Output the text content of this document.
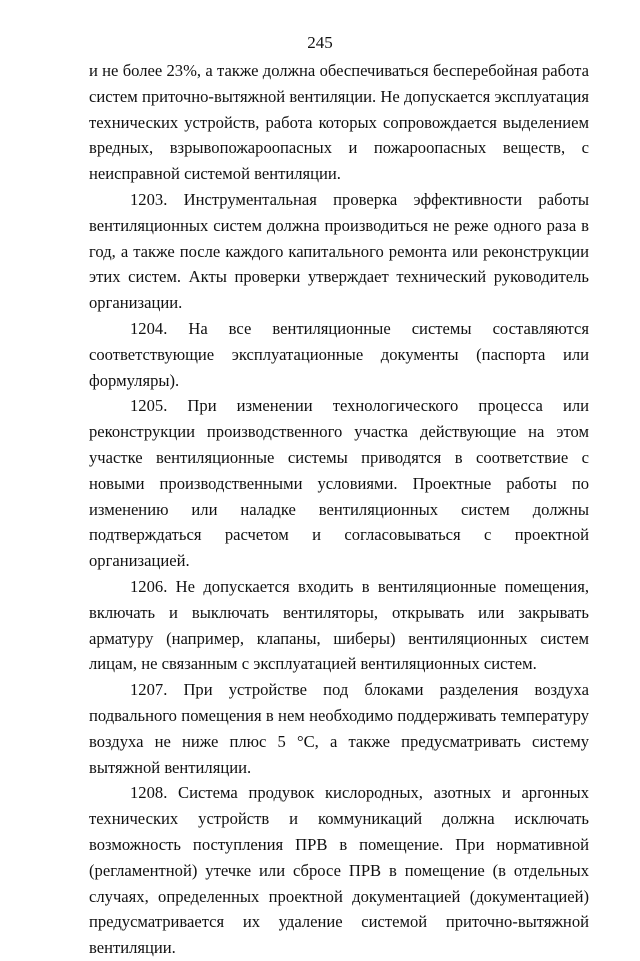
245

и не более 23%, а также должна обеспечиваться бесперебойная работа систем приточно-вытяжной вентиляции. Не допускается эксплуатация технических устройств, работа которых сопровождается выделением вредных, взрывопожароопасных и пожароопасных веществ, с неисправной системой вентиляции.

1203. Инструментальная проверка эффективности работы вентиляционных систем должна производиться не реже одного раза в год, а также после каждого капитального ремонта или реконструкции этих систем. Акты проверки утверждает технический руководитель организации.

1204. На все вентиляционные системы составляются соответствующие эксплуатационные документы (паспорта или формуляры).

1205. При изменении технологического процесса или реконструкции производственного участка действующие на этом участке вентиляционные системы приводятся в соответствие с новыми производственными условиями. Проектные работы по изменению или наладке вентиляционных систем должны подтверждаться расчетом и согласовываться с проектной организацией.

1206. Не допускается входить в вентиляционные помещения, включать и выключать вентиляторы, открывать или закрывать арматуру (например, клапаны, шиберы) вентиляционных систем лицам, не связанным с эксплуатацией вентиляционных систем.

1207. При устройстве под блоками разделения воздуха подвального помещения в нем необходимо поддерживать температуру воздуха не ниже плюс 5 °С, а также предусматривать систему вытяжной вентиляции.

1208. Система продувок кислородных, азотных и аргонных технических устройств и коммуникаций должна исключать возможность поступления ПРВ в помещение. При нормативной (регламентной) утечке или сбросе ПРВ в помещение (в отдельных случаях, определенных проектной документацией (документацией) предусматривается их удаление системой приточно-вытяжной вентиляции.
